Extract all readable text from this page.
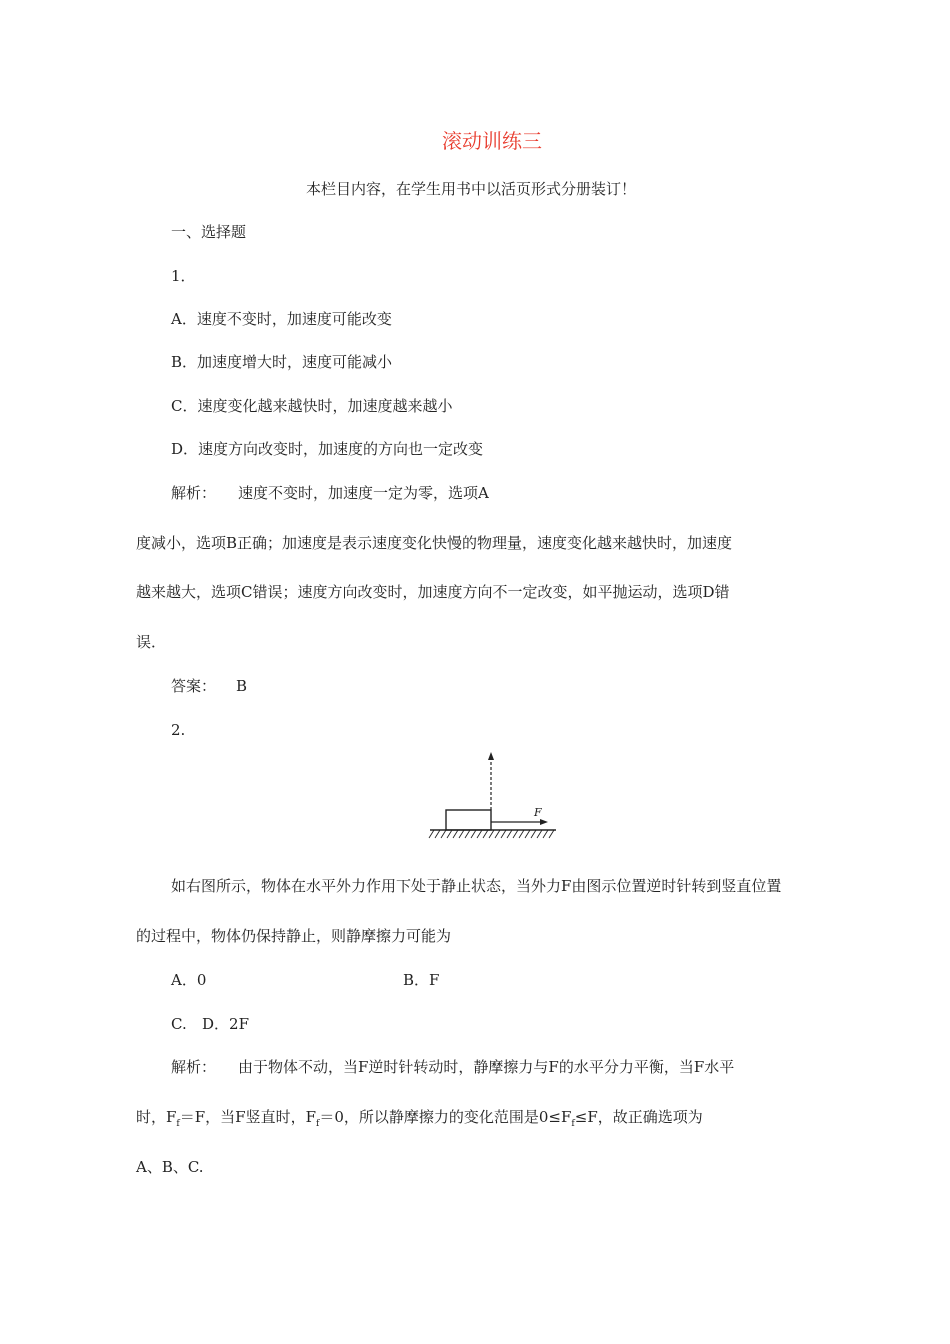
滚动训练三
本栏目内容，在学生用书中以活页形式分册装订！
一、选择题
1．
A．速度不变时，加速度可能改变
B．加速度增大时，速度可能减小
C．速度变化越来越快时，加速度越来越小
D．速度方向改变时，加速度的方向也一定改变
解析： 速度不变时，加速度一定为零，选项A
度减小，选项B正确；加速度是表示速度变化快慢的物理量，速度变化越来越快时，加速度
越来越大，选项C错误；速度方向改变时，加速度方向不一定改变，如平抛运动，选项D错
误．
答案： B
2.
F
如右图所示，物体在水平外力作用下处于静止状态，当外力F由图示位置逆时针转到竖直位置
的过程中，物体仍保持静止，则静摩擦力可能为
A．0	B．F
C. D．2F
解析： 由于物体不动，当F逆时针转动时，静摩擦力与F的水平分力平衡，当F水平
时，$F_f=F$，当F竖直时，$F_f=0$，所以静摩擦力的变化范围是$0\le F_f\le F$，故正确选项为
A、B、C.
